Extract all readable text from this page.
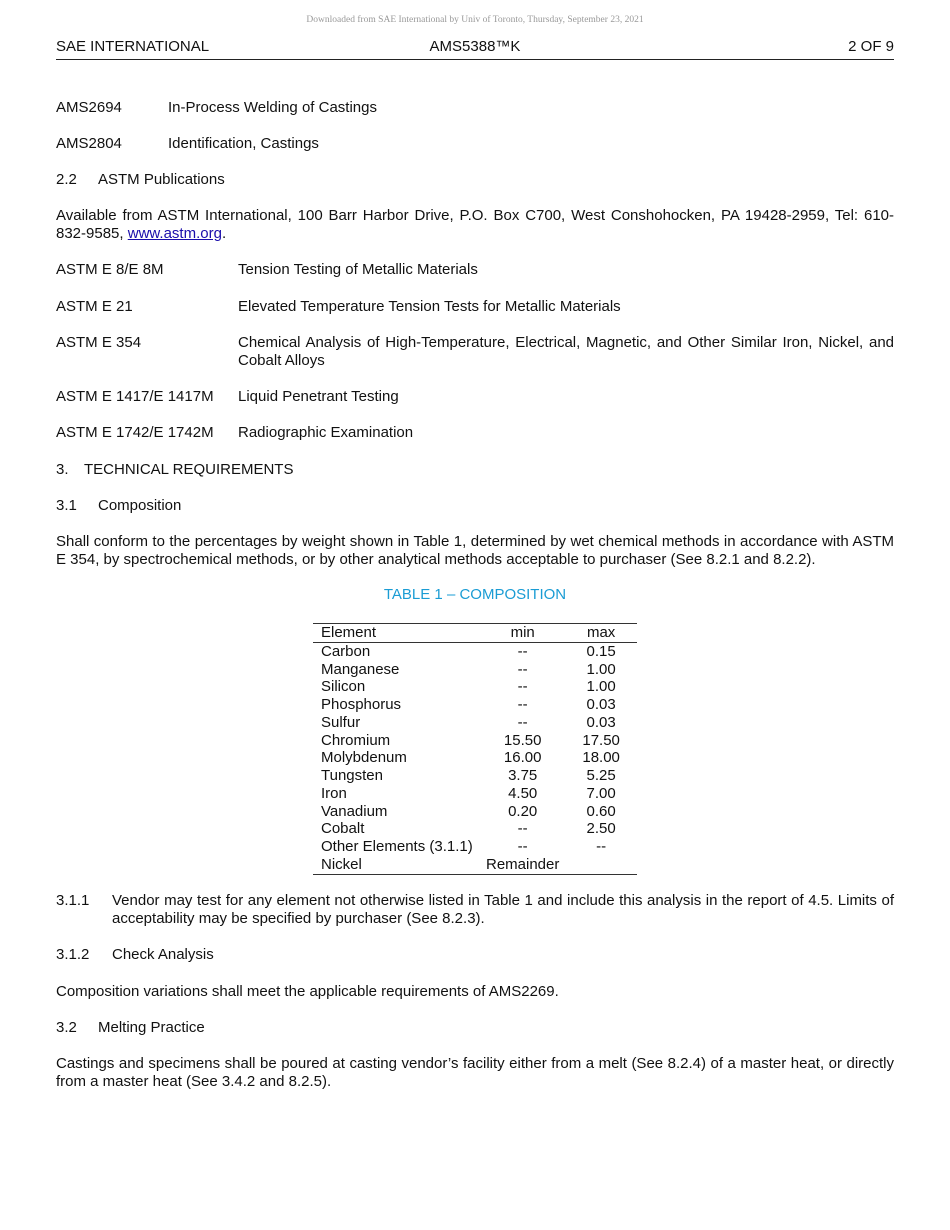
Downloaded from SAE International by Univ of Toronto, Thursday, September 23, 2021
SAE INTERNATIONAL	AMS5388™K	2 OF 9
AMS2694	In-Process Welding of Castings
AMS2804	Identification, Castings
2.2 ASTM Publications
Available from ASTM International, 100 Barr Harbor Drive, P.O. Box C700, West Conshohocken, PA 19428-2959, Tel: 610-832-9585, www.astm.org.
ASTM E 8/E 8M	Tension Testing of Metallic Materials
ASTM E 21	Elevated Temperature Tension Tests for Metallic Materials
ASTM E 354	Chemical Analysis of High-Temperature, Electrical, Magnetic, and Other Similar Iron, Nickel, and Cobalt Alloys
ASTM E 1417/E 1417M Liquid Penetrant Testing
ASTM E 1742/E 1742M Radiographic Examination
3. TECHNICAL REQUIREMENTS
3.1 Composition
Shall conform to the percentages by weight shown in Table 1, determined by wet chemical methods in accordance with ASTM E 354, by spectrochemical methods, or by other analytical methods acceptable to purchaser (See 8.2.1 and 8.2.2).
TABLE 1 – COMPOSITION
Element	min	max
Carbon	--	0.15
Manganese	--	1.00
Silicon	--	1.00
Phosphorus	--	0.03
Sulfur	--	0.03
Chromium	15.50	17.50
Molybdenum	16.00	18.00
Tungsten	3.75	5.25
Iron	4.50	7.00
Vanadium	0.20	0.60
Cobalt	--	2.50
Other Elements (3.1.1)	--	--
Nickel	Remainder	
3.1.1 Vendor may test for any element not otherwise listed in Table 1 and include this analysis in the report of 4.5. Limits of acceptability may be specified by purchaser (See 8.2.3).
3.1.2 Check Analysis
Composition variations shall meet the applicable requirements of AMS2269.
3.2 Melting Practice
Castings and specimens shall be poured at casting vendor’s facility either from a melt (See 8.2.4) of a master heat, or directly from a master heat (See 3.4.2 and 8.2.5).
